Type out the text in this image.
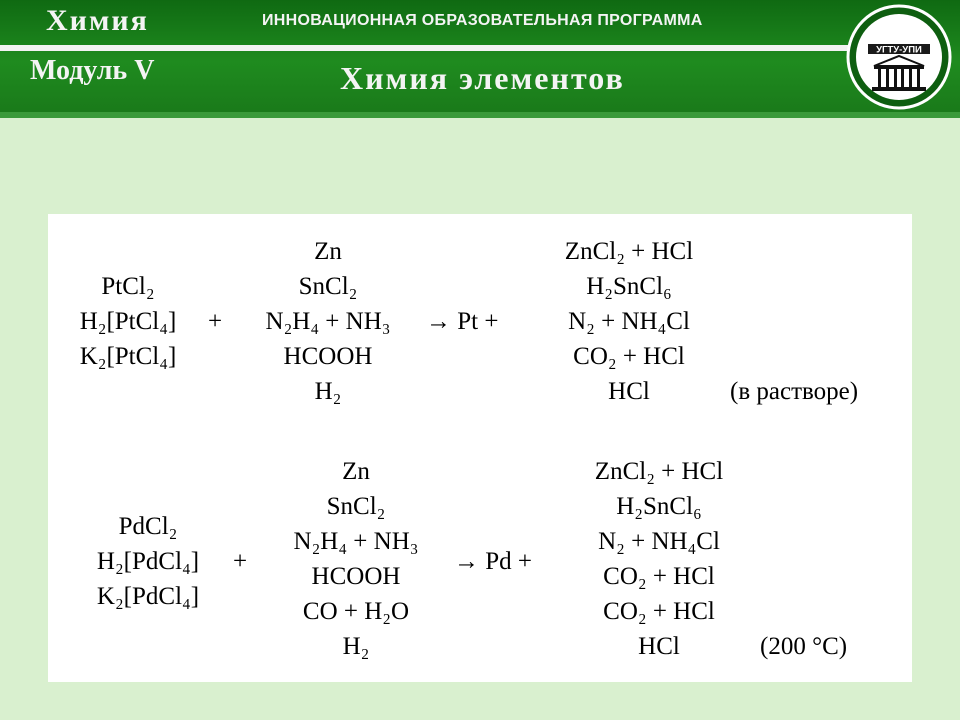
Химия	ИННОВАЦИОННАЯ ОБРАЗОВАТЕЛЬНАЯ ПРОГРАММА
Модуль V	Химия элементов
УГТУ-УПИ
PtCl₂
H₂[PtCl₄]
K₂[PtCl₄]
+
Zn
SnCl₂
N₂H₄ + NH₃
HCOOH
H₂
→ Pt +
ZnCl₂ + HCl
H₂SnCl₆
N₂ + NH₄Cl
CO₂ + HCl
HCl	(в растворе)
PdCl₂
H₂[PdCl₄]
K₂[PdCl₄]
+
Zn
SnCl₂
N₂H₄ + NH₃
HCOOH
CO + H₂O
H₂
→ Pd +
ZnCl₂ + HCl
H₂SnCl₆
N₂ + NH₄Cl
CO₂ + HCl
CO₂ + HCl
HCl	(200 °C)
